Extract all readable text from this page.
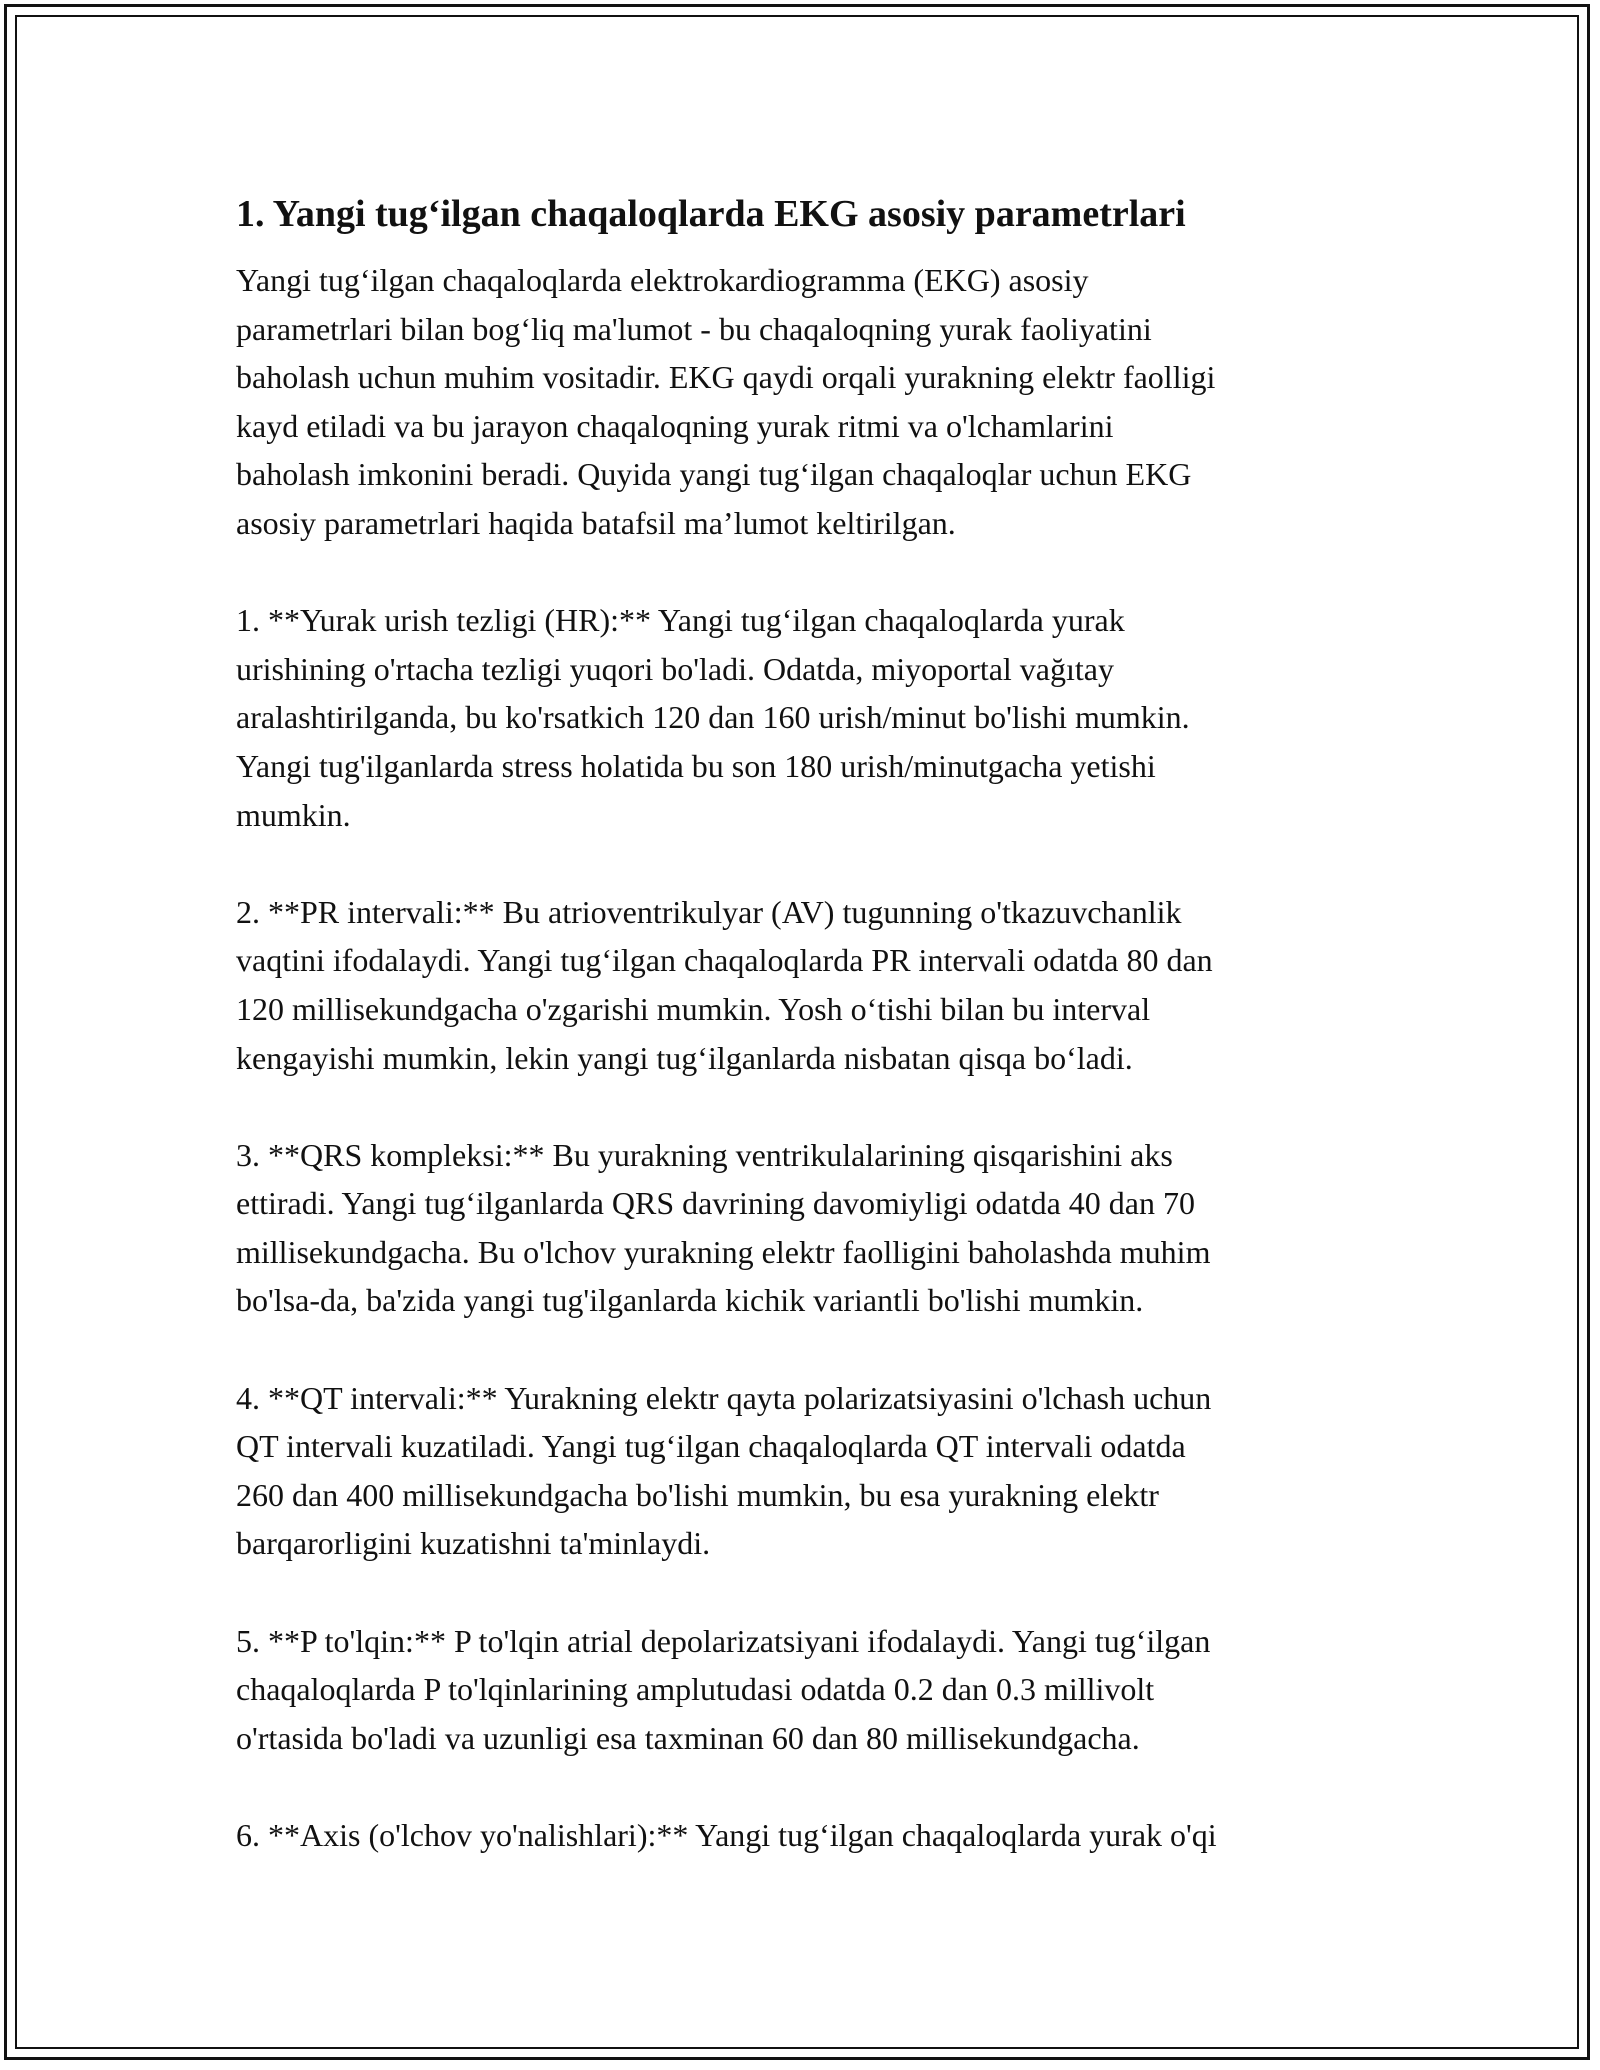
1. Yangi tug‘ilgan chaqaloqlarda EKG asosiy parametrlari
Yangi tug‘ilgan chaqaloqlarda elektrokardiogramma (EKG) asosiy
parametrlari bilan bog‘liq ma'lumot - bu chaqaloqning yurak faoliyatini
baholash uchun muhim vositadir. EKG qaydi orqali yurakning elektr faolligi
kayd etiladi va bu jarayon chaqaloqning yurak ritmi va o'lchamlarini
baholash imkonini beradi. Quyida yangi tug‘ilgan chaqaloqlar uchun EKG
asosiy parametrlari haqida batafsil ma’lumot keltirilgan.
1. **Yurak urish tezligi (HR):** Yangi tug‘ilgan chaqaloqlarda yurak
urishining o'rtacha tezligi yuqori bo'ladi. Odatda, miyoportal vağıtay
aralashtirilganda, bu ko'rsatkich 120 dan 160 urish/minut bo'lishi mumkin.
Yangi tug'ilganlarda stress holatida bu son 180 urish/minutgacha yetishi
mumkin.
2. **PR intervali:** Bu atrioventrikulyar (AV) tugunning o'tkazuvchanlik
vaqtini ifodalaydi. Yangi tug‘ilgan chaqaloqlarda PR intervali odatda 80 dan
120 millisekundgacha o'zgarishi mumkin. Yosh o‘tishi bilan bu interval
kengayishi mumkin, lekin yangi tug‘ilganlarda nisbatan qisqa bo‘ladi.
3. **QRS kompleksi:** Bu yurakning ventrikulalarining qisqarishini aks
ettiradi. Yangi tug‘ilganlarda QRS davrining davomiyligi odatda 40 dan 70
millisekundgacha. Bu o'lchov yurakning elektr faolligini baholashda muhim
bo'lsa-da, ba'zida yangi tug'ilganlarda kichik variantli bo'lishi mumkin.
4. **QT intervali:** Yurakning elektr qayta polarizatsiyasini o'lchash uchun
QT intervali kuzatiladi. Yangi tug‘ilgan chaqaloqlarda QT intervali odatda
260 dan 400 millisekundgacha bo'lishi mumkin, bu esa yurakning elektr
barqarorligini kuzatishni ta'minlaydi.
5. **P to'lqin:** P to'lqin atrial depolarizatsiyani ifodalaydi. Yangi tug‘ilgan
chaqaloqlarda P to'lqinlarining amplutudasi odatda 0.2 dan 0.3 millivolt
o'rtasida bo'ladi va uzunligi esa taxminan 60 dan 80 millisekundgacha.
6. **Axis (o'lchov yo'nalishlari):** Yangi tug‘ilgan chaqaloqlarda yurak o'qi
